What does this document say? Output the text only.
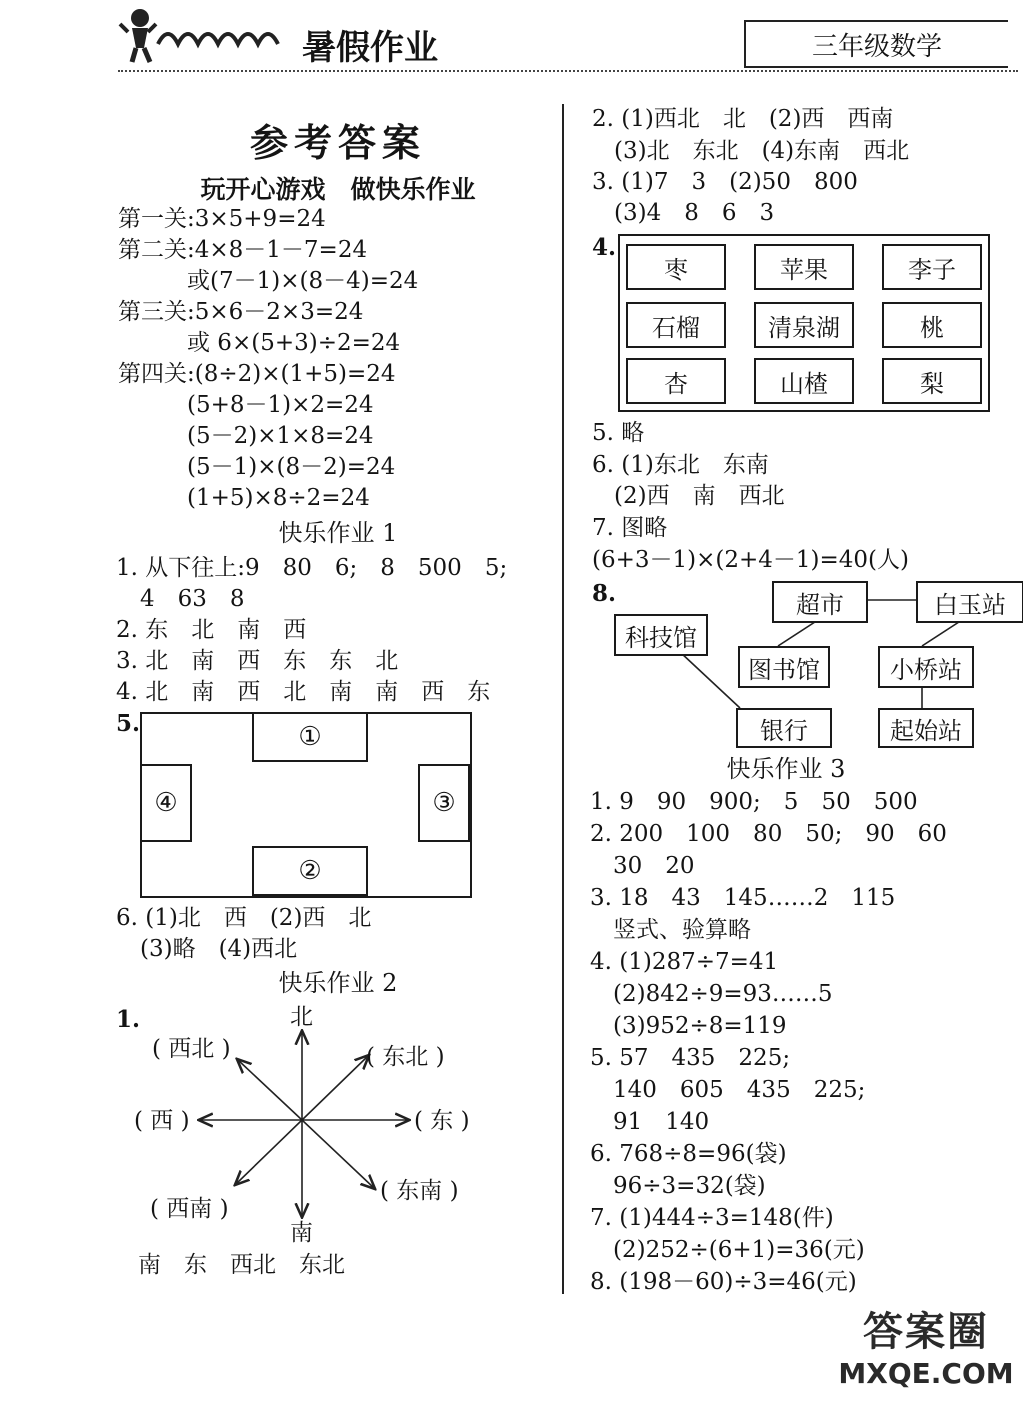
暑假作业	三年级数学
参考答案
玩开心游戏　做快乐作业
第一关:3×5+9=24
第二关:4×8－1－7=24
　　　或(7－1)×(8－4)=24
第三关:5×6－2×3=24
　　　或 6×(5+3)÷2=24
第四关:(8÷2)×(1+5)=24
　　　(5+8－1)×2=24
　　　(5－2)×1×8=24
　　　(5－1)×(8－2)=24
　　　(1+5)×8÷2=24
快乐作业 1
1. 从下往上:9　80　6;　8　500　5;
4　63　8
2. 东　北　南　西
3. 北　南　西　东　东　北
4. 北　南　西　北　南　南　西　东
5.	①
②
③
④
6. (1)北　西　(2)西　北
(3)略　(4)西北
快乐作业 2
1.	北
南
( 西北 )	( 东北 )
( 西 )	( 东 )
( 西南 )
( 东南 )
南　东　西北　东北
2. (1)西北　北　(2)西　西南
(3)北　东北　(4)东南　西北
3. (1)7　3　(2)50　800
(3)4　8　6　3
4.
枣	苹果	李子
石榴	清泉湖	桃
杏	山楂	梨
5. 略
6. (1)东北　东南
(2)西　南　西北
7. 图略
(6+3－1)×(2+4－1)=40(人)
8.	超市	白玉站
科技馆
图书馆	小桥站
银行	起始站
快乐作业 3
1. 9　90　900;　5　50　500
2. 200　100　80　50;　90　60
　30　20
3. 18　43　145……2　115
　竖式、验算略
4. (1)287÷7=41
　(2)842÷9=93……5
　(3)952÷8=119
5. 57　435　225;
　140　605　435　225;
　91　140
6. 768÷8=96(袋)
　96÷3=32(袋)
7. (1)444÷3=148(件)
　(2)252÷(6+1)=36(元)
8. (198－60)÷3=46(元)
答案圈
MXQE.COM
